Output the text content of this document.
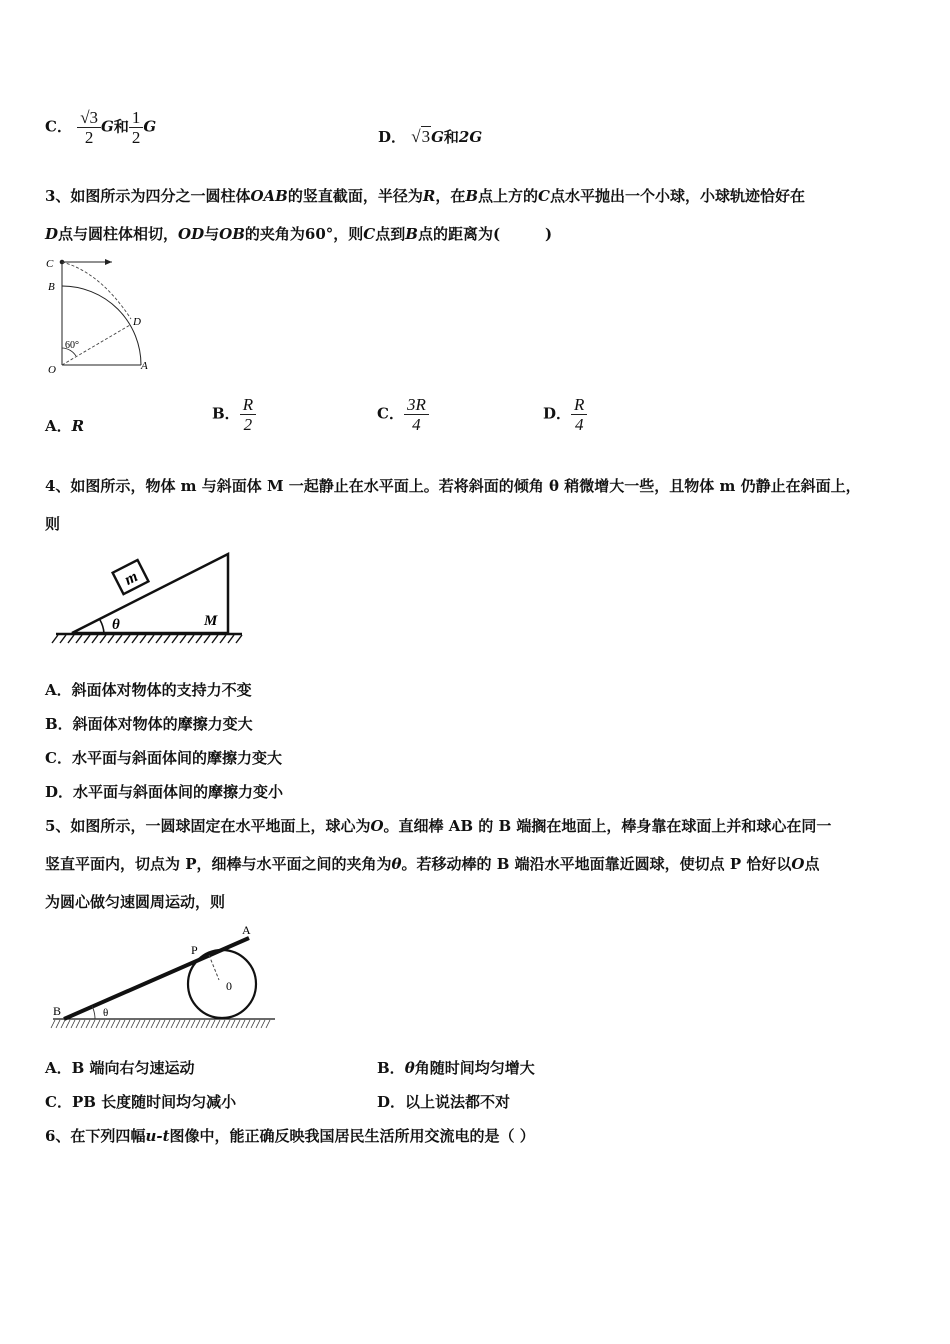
C． $\frac{√3}{2}$ G和 $\frac{1}{2}$ G
D． √3G和2G
3、如图所示为四分之一圆柱体OAB的竖直截面，半径为R，在B点上方的C点水平抛出一个小球，小球轨迹恰好在
D点与圆柱体相切，OD与OB的夹角为60°，则C点到B点的距离为(　　　)
C
B
D
O	A
60°
A．R
B． $\frac{R}{2}$	C． $\frac{3R}{4}$	D． $\frac{R}{4}$
4、如图所示，物体 m 与斜面体 M 一起静止在水平面上。若将斜面的倾角 θ 稍微增大一些，且物体 m 仍静止在斜面上，
则
m
θ	M
A．斜面体对物体的支持力不变
B．斜面体对物体的摩擦力变大
C．水平面与斜面体间的摩擦力变大
D．水平面与斜面体间的摩擦力变小
5、如图所示，一圆球固定在水平地面上，球心为O。直细棒 AB 的 B 端搁在地面上，棒身靠在球面上并和球心在同一
竖直平面内，切点为 P，细棒与水平面之间的夹角为θ。若移动棒的 B 端沿水平地面靠近圆球，使切点 P 恰好以O点
为圆心做匀速圆周运动，则
A
P
0
B	θ
A．B 端向右匀速运动	B．θ角随时间均匀增大
C．PB 长度随时间均匀减小	D．以上说法都不对
6、在下列四幅u-t图像中，能正确反映我国居民生活所用交流电的是（ ）
